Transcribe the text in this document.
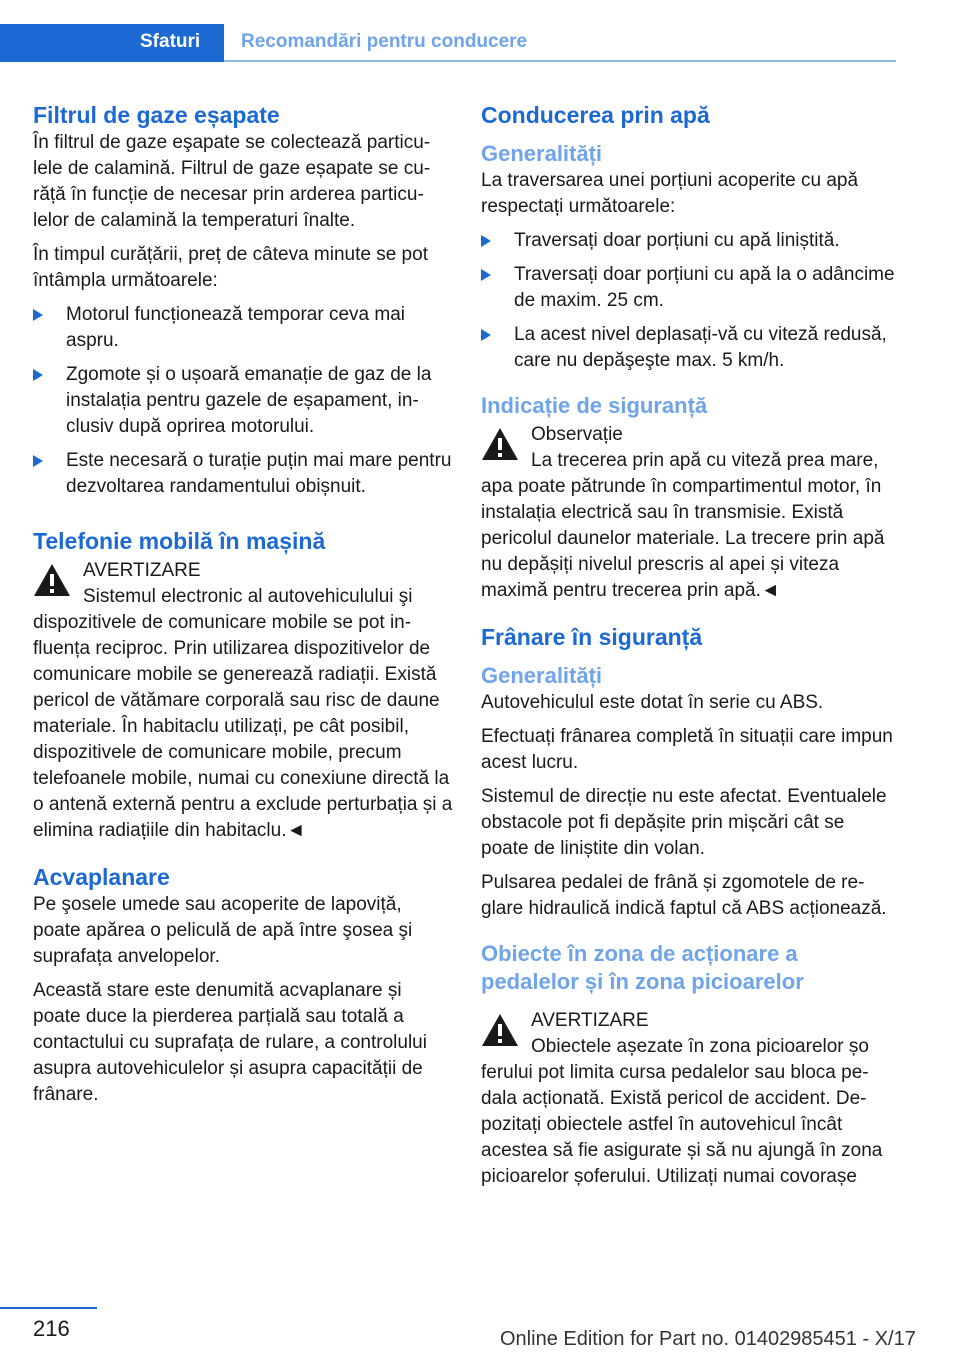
Sfaturi Recomandări pentru conducere
Filtrul de gaze eșapate

În filtrul de gaze eşapate se colectează particulele de calamină. Filtrul de gaze eșapate se curățǎ în funcție de necesar prin arderea particulelor de calamină la temperaturi înalte.

În timpul curățǎrii, preț de câteva minute se pot întâmpla următoarele:

Motorul funcționează temporar ceva mai aspru.
Zgomote și o ușoară emanație de gaz de la instalația pentru gazele de eșapament, inclusiv după oprirea motorului.
Este necesară o turație puțin mai mare pentru dezvoltarea randamentului obișnuit.
Telefonie mobilă în mașină
AVERTIZARE
Sistemul electronic al autovehiculului şi
dispozitivele de comunicare mobile se pot influența reciproc. Prin utilizarea dispozitivelor de comunicare mobile se generează radiații. Există pericol de vătămare corporală sau risc de daune materiale. În habitaclu utilizați, pe cât posibil, dispozitivele de comunicare mobile, precum telefoanele mobile, numai cu conexiune directă la o antenă externă pentru a exclude perturbația și a elimina radiațiile din habitaclu.◄
Acvaplanare

Pe şosele umede sau acoperite de lapoviță, poate apărea o peliculă de apă între şosea şi suprafața anvelopelor.

Această stare este denumită acvaplanare și poate duce la pierderea parțială sau totală a contactului cu suprafața de rulare, a controlului asupra autovehiculelor și asupra capacității de frânare.

Conducerea prin apă
Generalități

La traversarea unei porțiuni acoperite cu apă respectați următoarele:

Traversați doar porțiuni cu apă liniștită.
Traversați doar porțiuni cu apă la o adâncime de maxim. 25 cm.
La acest nivel deplasați-vă cu viteză redusă, care nu depăşeşte max. 5 km/h.
Indicație de siguranță
Observație
La trecerea prin apă cu viteză prea mare,
apa poate pătrunde în compartimentul motor, în instalația electrică sau în transmisie. Există pericolul daunelor materiale. La trecere prin apă nu depășiți nivelul prescris al apei și viteza maximă pentru trecerea prin apă.◄
Frânare în siguranță
Generalități

Autovehiculul este dotat în serie cu ABS.

Efectuați frânarea completă în situații care impun acest lucru.

Sistemul de direcție nu este afectat. Eventualele obstacole pot fi depășite prin mișcări cât se poate de liniștite din volan.

Pulsarea pedalei de frână și zgomotele de reglare hidraulică indică faptul că ABS acționează.

Obiecte în zona de acționare a pedalelor și în zona picioarelor
AVERTIZARE
Obiectele așezate în zona picioarelor șo
ferului pot limita cursa pedalelor sau bloca pedala acționată. Există pericol de accident. Depozitați obiectele astfel în autovehicul încât acestea să fie asigurate și să nu ajungă în zona picioarelor șoferului. Utilizați numai covorașe
216	Online Edition for Part no. 01402985451 - X/17
